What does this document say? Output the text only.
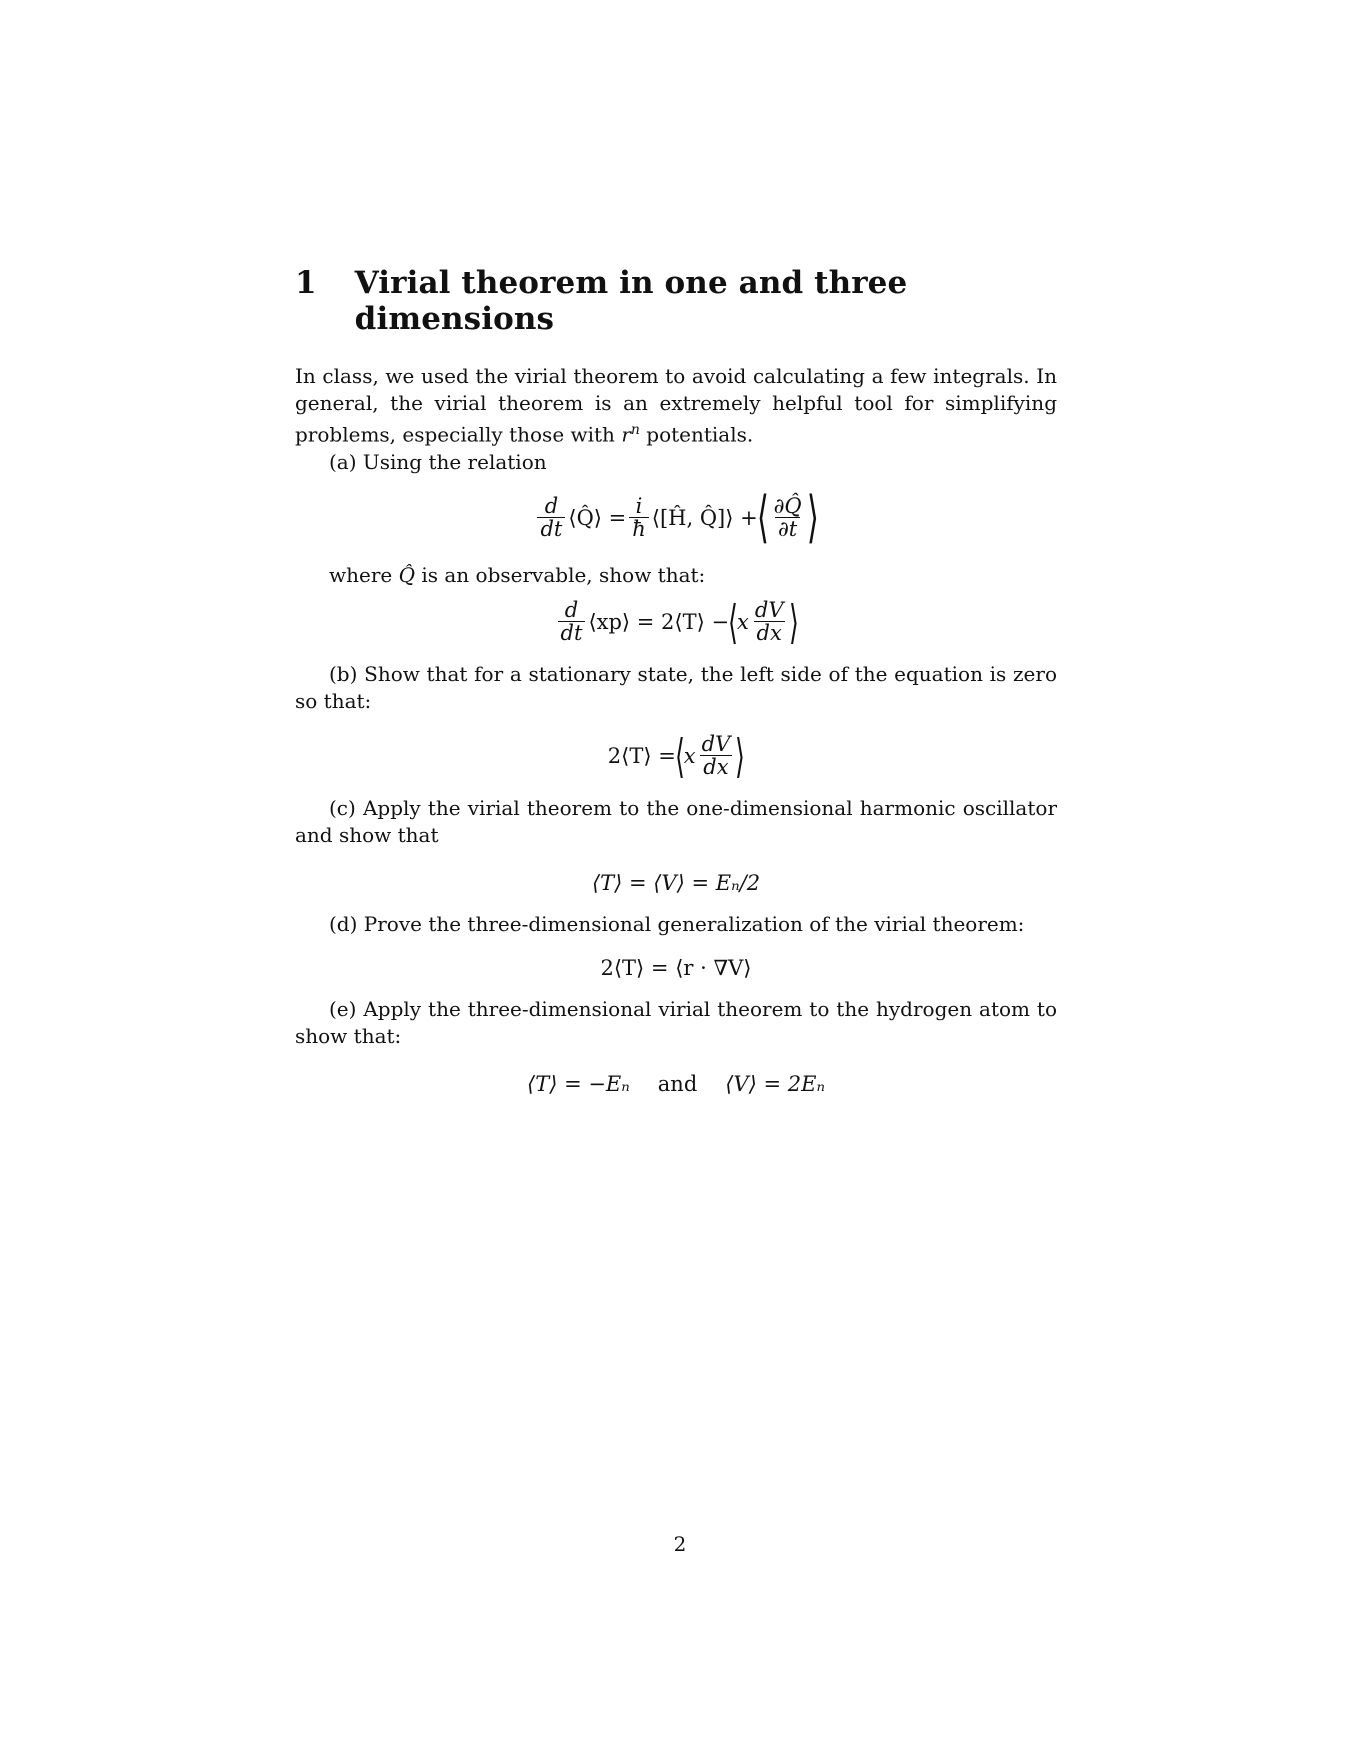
1 Virial theorem in one and three dimensions

In class, we used the virial theorem to avoid calculating a few integrals. In general, the virial theorem is an extremely helpful tool for simplifying problems, especially those with $r^n$ potentials.

(a) Using the relation

$\frac{d}{dt}$ ⟨Q̂⟩ = $\frac{i}{ħ}$ ⟨[Ĥ, Q̂]⟩ +
⟨ $\frac{\partial Q̂}{\partial t}$ ⟩

where Q̂ is an observable, show that:

$\frac{d}{dt}$ ⟨xp⟩ = 2⟨T⟩ − ⟨ x $\frac{dV}{dx}$ ⟩

(b) Show that for a stationary state, the left side of the equation is zero so that:

2⟨T⟩ = ⟨ x $\frac{dV}{dx}$ ⟩

(c) Apply the virial theorem to the one-dimensional harmonic oscillator and show that

⟨T⟩ = ⟨V⟩ = Eₙ/2

(d) Prove the three-dimensional generalization of the virial theorem:

2⟨T⟩ = ⟨r · ∇V⟩

(e) Apply the three-dimensional virial theorem to the hydrogen atom to show that:

⟨T⟩ = −Eₙ and ⟨V⟩ = 2Eₙ
2
